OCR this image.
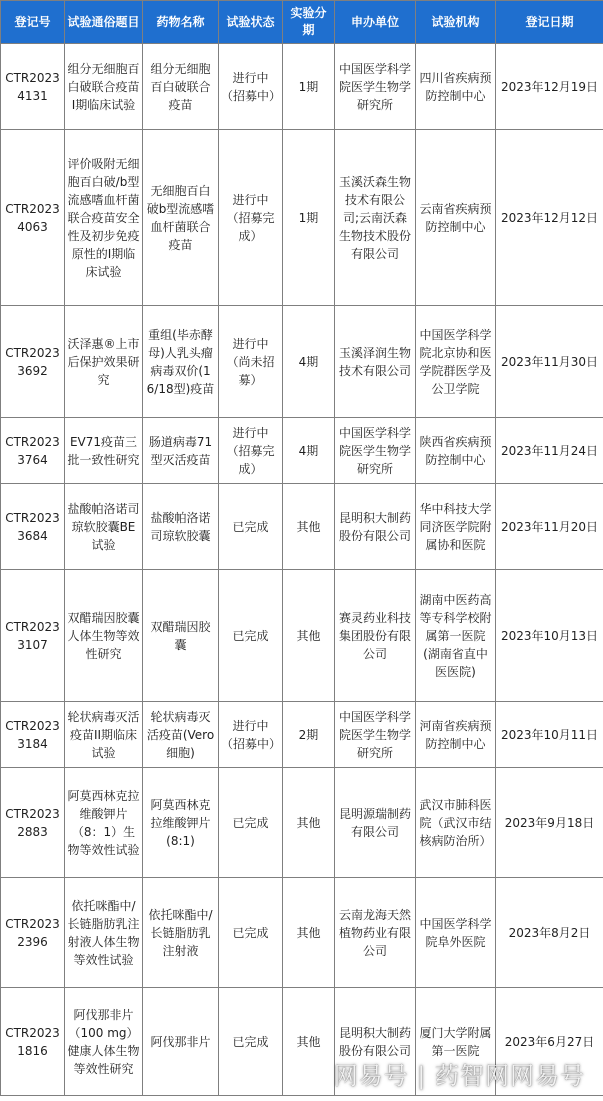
登记号	试验通俗题目	药物名称	试验状态	实验分期	申办单位	试验机构	登记日期
CTR20234131	组分无细胞百白破联合疫苗Ⅰ期临床试验	组分无细胞百白破联合疫苗	进行中（招募中）	1期	中国医学科学院医学生物学研究所	四川省疾病预防控制中心	2023年12月19日
CTR20234063	评价吸附无细胞百白破/b型流感嗜血杆菌联合疫苗安全性及初步免疫原性的I期临床试验	无细胞百白破b型流感嗜血杆菌联合疫苗	进行中（招募完成）	1期	玉溪沃森生物技术有限公司;云南沃森生物技术股份有限公司	云南省疾病预防控制中心	2023年12月12日
CTR20233692	沃泽惠®上市后保护效果研究	重组(毕赤酵母)人乳头瘤病毒双价(16/18型)疫苗	进行中（尚未招募）	4期	玉溪泽润生物技术有限公司	中国医学科学院北京协和医学院群医学及公卫学院	2023年11月30日
CTR20233764	EV71疫苗三批一致性研究	肠道病毒71型灭活疫苗	进行中（招募完成）	4期	中国医学科学院医学生物学研究所	陕西省疾病预防控制中心	2023年11月24日
CTR20233684	盐酸帕洛诺司琼软胶囊BE试验	盐酸帕洛诺司琼软胶囊	已完成	其他	昆明积大制药股份有限公司	华中科技大学同济医学院附属协和医院	2023年11月20日
CTR20233107	双醋瑞因胶囊人体生物等效性研究	双醋瑞因胶囊	已完成	其他	赛灵药业科技集团股份有限公司	湖南中医药高等专科学校附属第一医院(湖南省直中医医院)	2023年10月13日
CTR20233184	轮状病毒灭活疫苗II期临床试验	轮状病毒灭活疫苗(Vero细胞)	进行中（招募中）	2期	中国医学科学院医学生物学研究所	河南省疾病预防控制中心	2023年10月11日
CTR20232883	阿莫西林克拉维酸钾片（8：1）生物等效性试验	阿莫西林克拉维酸钾片(8:1)	已完成	其他	昆明源瑞制药有限公司	武汉市肺科医院（武汉市结核病防治所）	2023年9月18日
CTR20232396	依托咪酯中/长链脂肪乳注射液人体生物等效性试验	依托咪酯中/长链脂肪乳注射液	已完成	其他	云南龙海天然植物药业有限公司	中国医学科学院阜外医院	2023年8月2日
CTR20231816	阿伐那非片（100 mg）健康人体生物等效性研究	阿伐那非片	已完成	其他	昆明积大制药股份有限公司	厦门大学附属第一医院	2023年6月27日
网易号 | 药智网网易号
